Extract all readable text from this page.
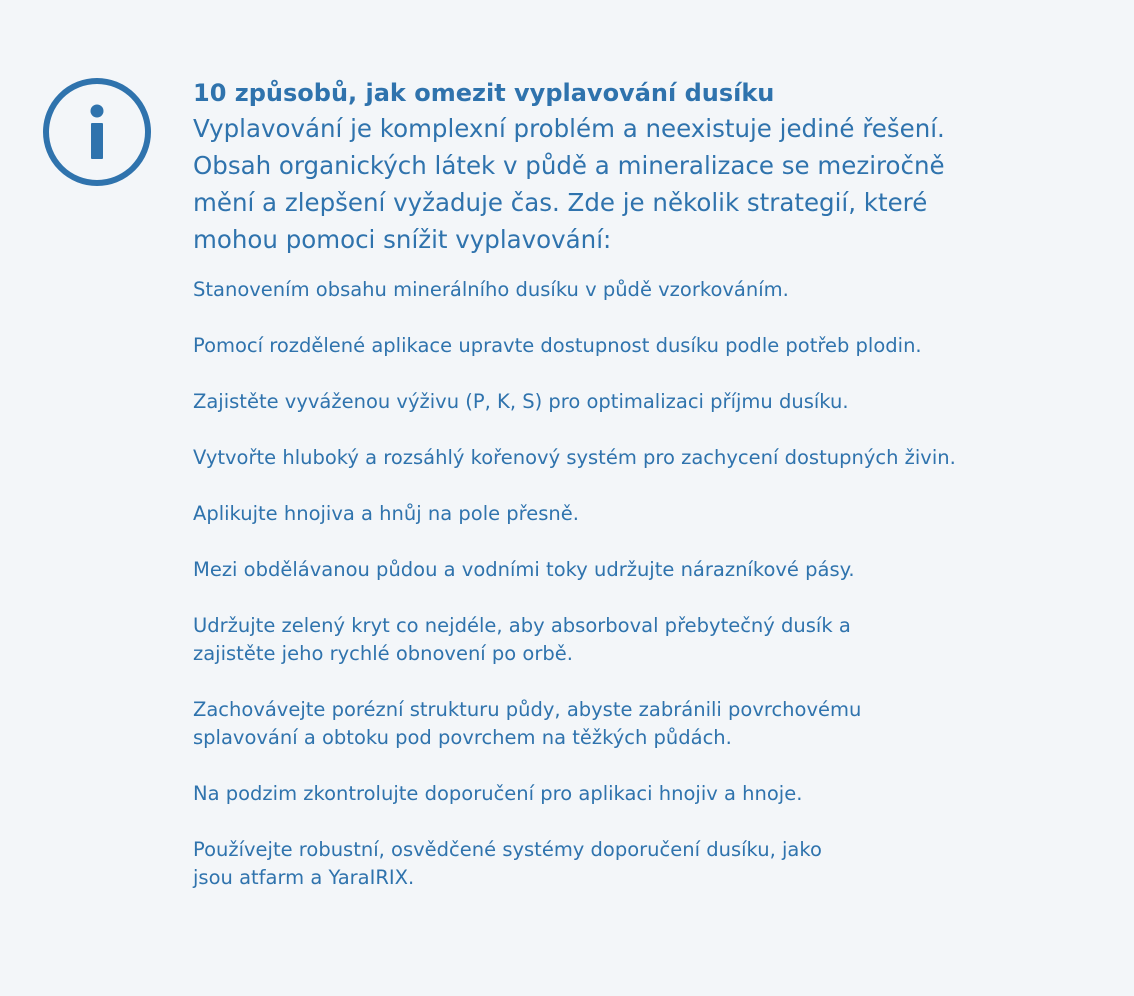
10 způsobů, jak omezit vyplavování dusíku

Vyplavování je komplexní problém a neexistuje jediné řešení.
Obsah organických látek v půdě a mineralizace se meziročně
mění a zlepšení vyžaduje čas. Zde je několik strategií, které
mohou pomoci snížit vyplavování:

Stanovením obsahu minerálního dusíku v půdě vzorkováním.
Pomocí rozdělené aplikace upravte dostupnost dusíku podle potřeb plodin.
Zajistěte vyváženou výživu (P, K, S) pro optimalizaci příjmu dusíku.
Vytvořte hluboký a rozsáhlý kořenový systém pro zachycení dostupných živin.
Aplikujte hnojiva a hnůj na pole přesně.
Mezi obdělávanou půdou a vodními toky udržujte nárazníkové pásy.
Udržujte zelený kryt co nejdéle, aby absorboval přebytečný dusík a
zajistěte jeho rychlé obnovení po orbě.
Zachovávejte porézní strukturu půdy, abyste zabránili povrchovému
splavování a obtoku pod povrchem na těžkých půdách.
Na podzim zkontrolujte doporučení pro aplikaci hnojiv a hnoje.
Používejte robustní, osvědčené systémy doporučení dusíku, jako
jsou atfarm a YaraIRIX.
